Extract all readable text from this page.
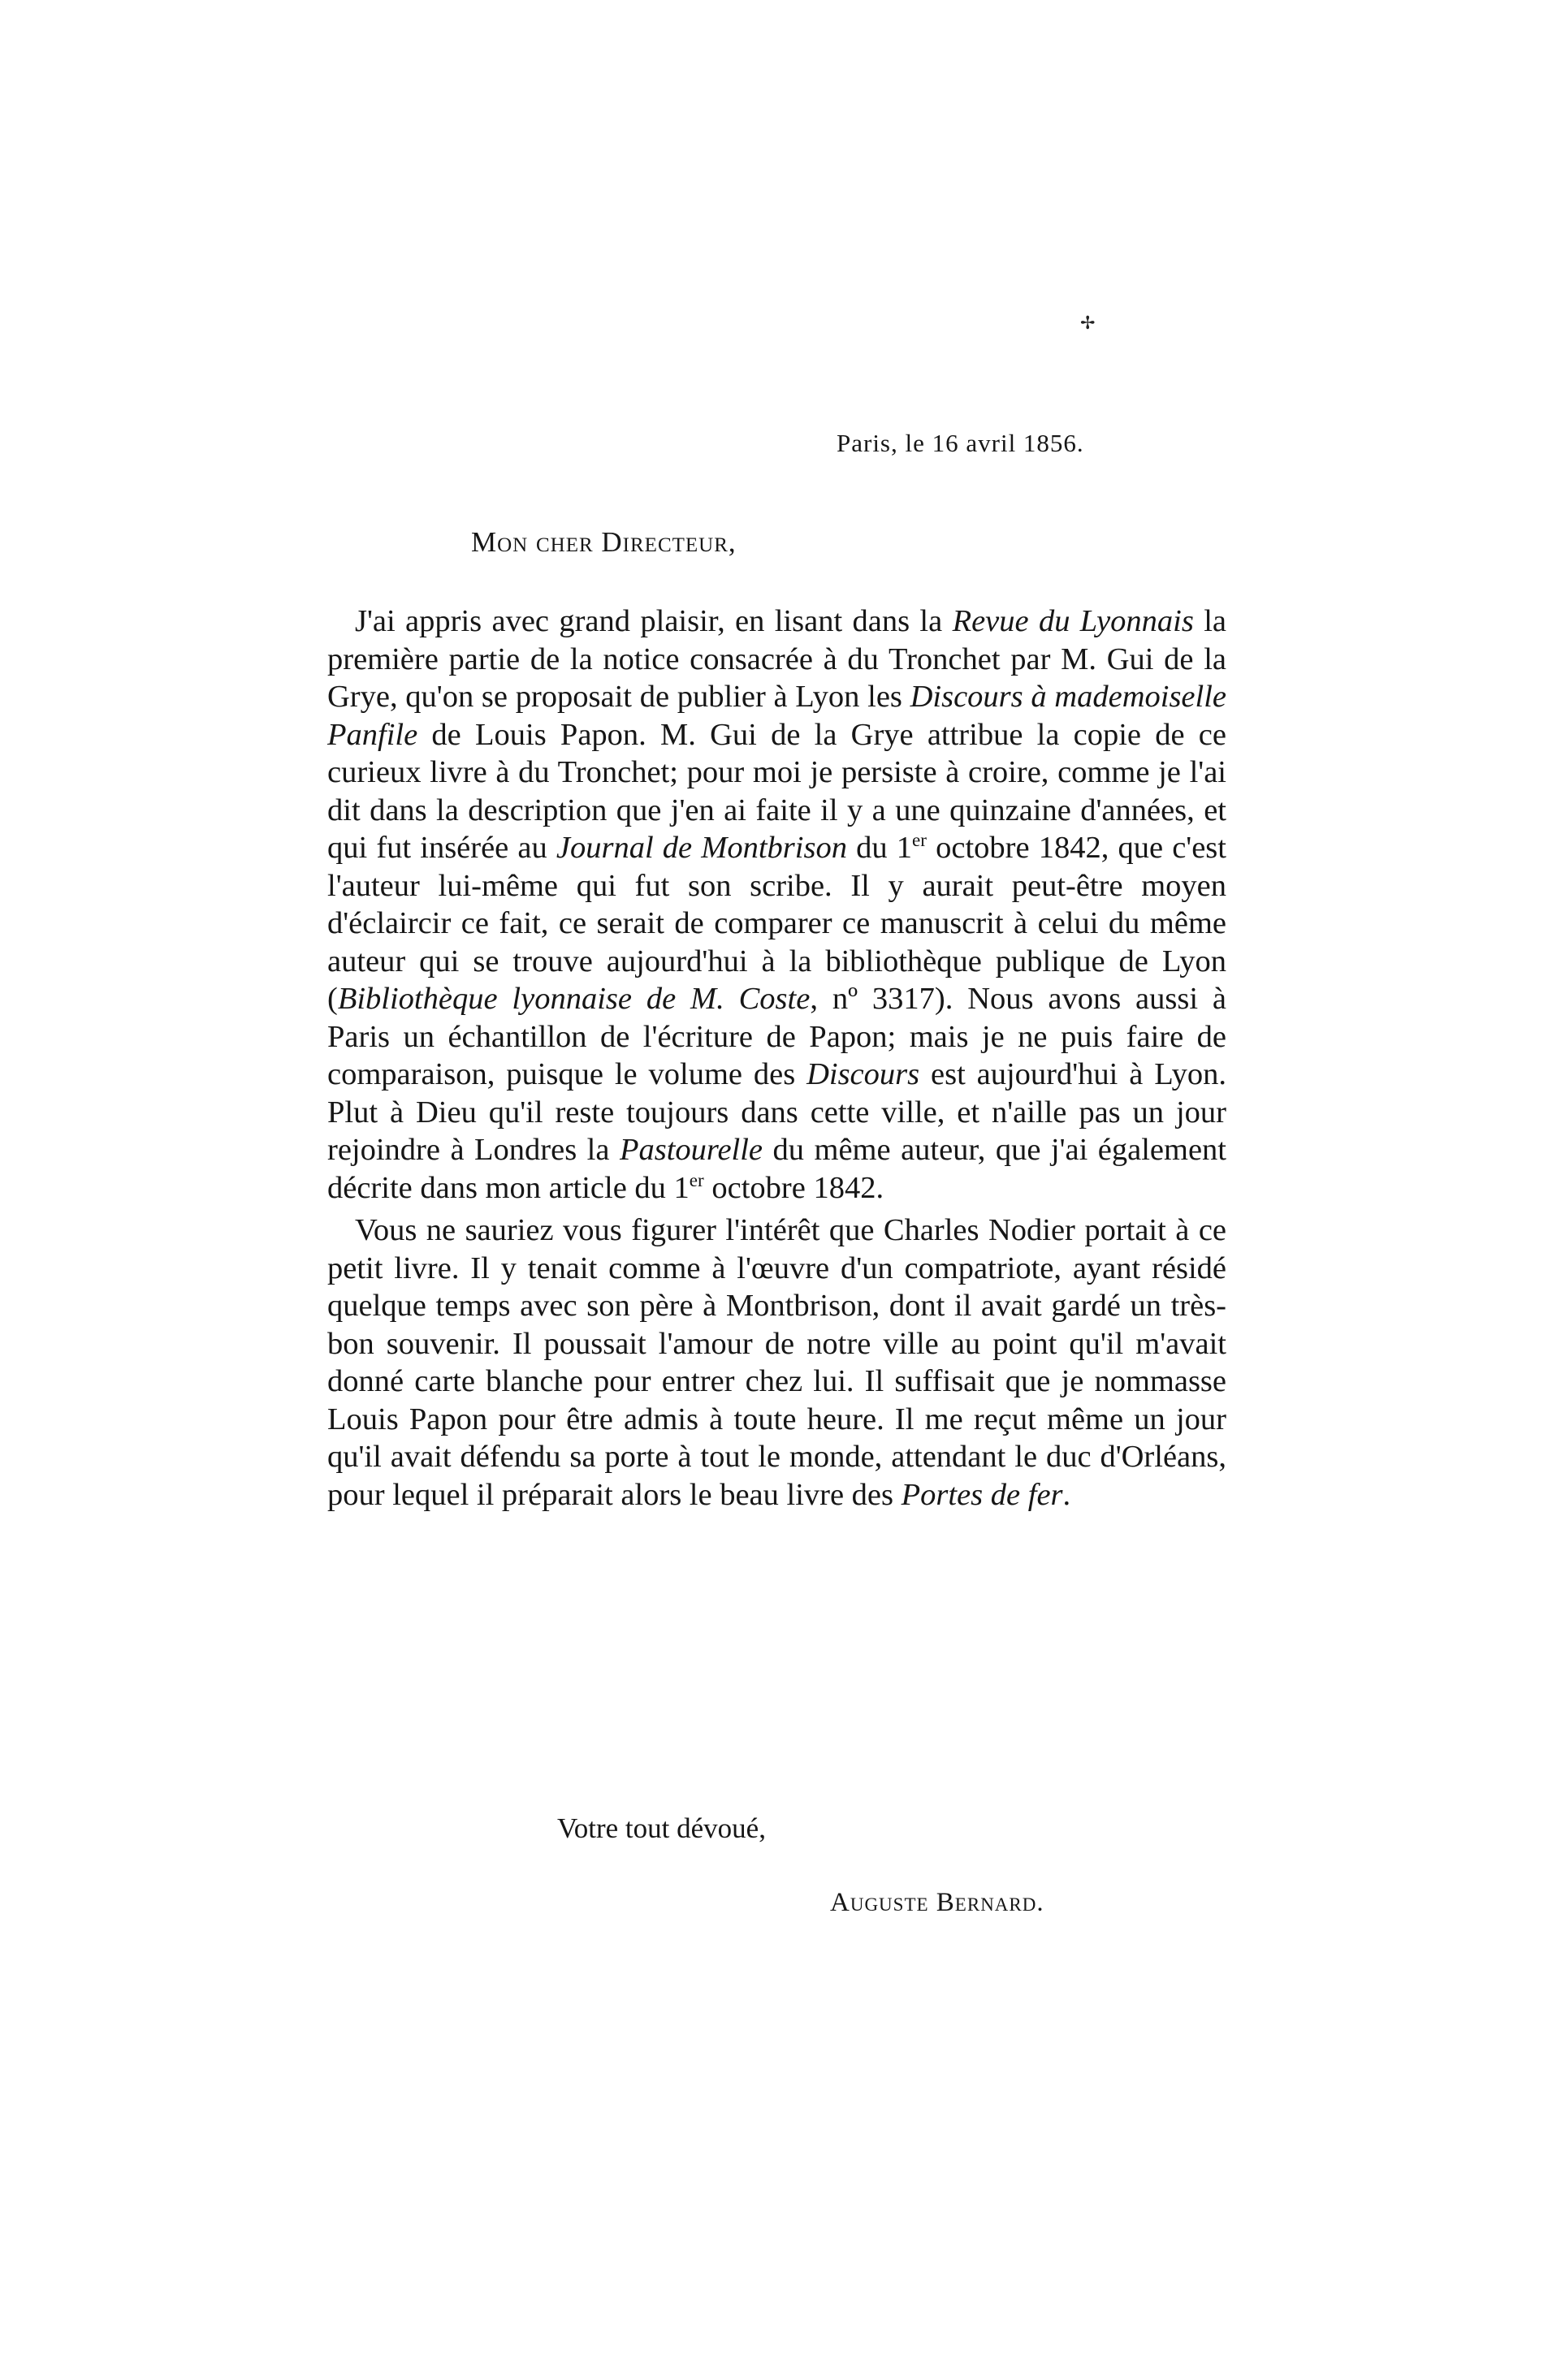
✢
Paris, le 16 avril 1856.
Mon cher Directeur,

J'ai appris avec grand plaisir, en lisant dans la Revue du Lyonnais la première partie de la notice consacrée à du Tronchet par M. Gui de la Grye, qu'on se proposait de publier à Lyon les Discours à mademoiselle Panfile de Louis Papon. M. Gui de la Grye attribue la copie de ce curieux livre à du Tronchet; pour moi je persiste à croire, comme je l'ai dit dans la description que j'en ai faite il y a une quinzaine d'années, et qui fut insérée au Journal de Montbrison du 1er octobre 1842, que c'est l'auteur lui-même qui fut son scribe. Il y aurait peut-être moyen d'éclaircir ce fait, ce serait de comparer ce manuscrit à celui du même auteur qui se trouve aujourd'hui à la bibliothèque publique de Lyon (Bibliothèque lyonnaise de M. Coste, nº 3317). Nous avons aussi à Paris un échantillon de l'écriture de Papon; mais je ne puis faire de comparaison, puisque le volume des Discours est aujourd'hui à Lyon. Plut à Dieu qu'il reste toujours dans cette ville, et n'aille pas un jour rejoindre à Londres la Pastourelle du même auteur, que j'ai également décrite dans mon article du 1er octobre 1842.

Vous ne sauriez vous figurer l'intérêt que Charles Nodier portait à ce petit livre. Il y tenait comme à l'œuvre d'un compatriote, ayant résidé quelque temps avec son père à Montbrison, dont il avait gardé un très-bon souvenir. Il poussait l'amour de notre ville au point qu'il m'avait donné carte blanche pour entrer chez lui. Il suffisait que je nommasse Louis Papon pour être admis à toute heure. Il me reçut même un jour qu'il avait défendu sa porte à tout le monde, attendant le duc d'Orléans, pour lequel il préparait alors le beau livre des Portes de fer.

Votre tout dévoué,
Auguste Bernard.
